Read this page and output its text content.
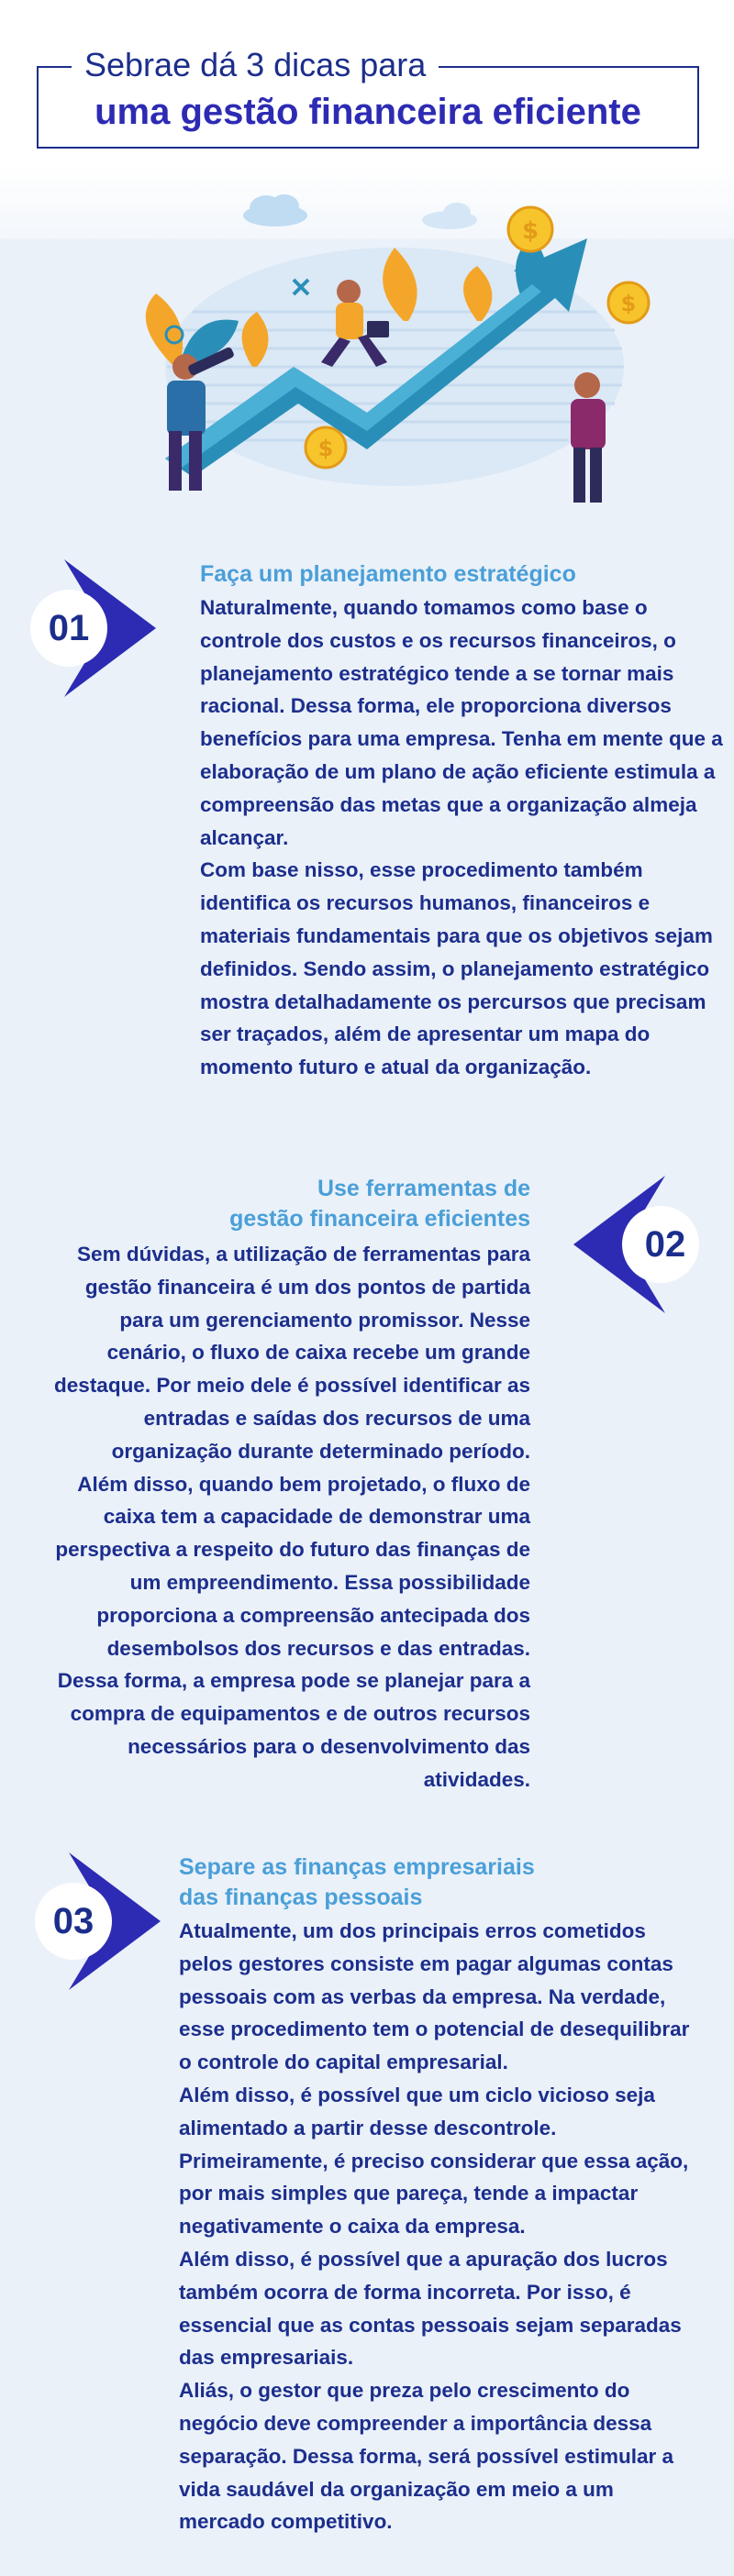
Sebrae dá 3 dicas para
uma gestão financeira eficiente
$
$
$
01
Faça um planejamento estratégico

Naturalmente, quando tomamos como base o controle dos custos e os recursos financeiros, o planejamento estratégico tende a se tornar mais racional. Dessa forma, ele proporciona diversos benefícios para uma empresa. Tenha em mente que a elaboração de um plano de ação eficiente estimula a compreensão das metas que a organização almeja alcançar.

Com base nisso, esse procedimento também identifica os recursos humanos, financeiros e materiais fundamentais para que os objetivos sejam definidos. Sendo assim, o planejamento estratégico mostra detalhadamente os percursos que precisam ser traçados, além de apresentar um mapa do momento futuro e atual da organização.

02
Use ferramentas de
gestão financeira eficientes

Sem dúvidas, a utilização de ferramentas para gestão financeira é um dos pontos de partida para um gerenciamento promissor. Nesse cenário, o fluxo de caixa recebe um grande destaque. Por meio dele é possível identificar as entradas e saídas dos recursos de uma organização durante determinado período.

Além disso, quando bem projetado, o fluxo de caixa tem a capacidade de demonstrar uma perspectiva a respeito do futuro das finanças de um empreendimento. Essa possibilidade proporciona a compreensão antecipada dos desembolsos dos recursos e das entradas.

Dessa forma, a empresa pode se planejar para a compra de equipamentos e de outros recursos necessários para o desenvolvimento das atividades.

03
Separe as finanças empresariais
das finanças pessoais

Atualmente, um dos principais erros cometidos pelos gestores consiste em pagar algumas contas pessoais com as verbas da empresa. Na verdade, esse procedimento tem o potencial de desequilibrar o controle do capital empresarial.

Além disso, é possível que um ciclo vicioso seja alimentado a partir desse descontrole.

Primeiramente, é preciso considerar que essa ação, por mais simples que pareça, tende a impactar negativamente o caixa da empresa.

Além disso, é possível que a apuração dos lucros também ocorra de forma incorreta. Por isso, é essencial que as contas pessoais sejam separadas das empresariais.

Aliás, o gestor que preza pelo crescimento do negócio deve compreender a importância dessa separação. Dessa forma, será possível estimular a vida saudável da organização em meio a um mercado competitivo.
